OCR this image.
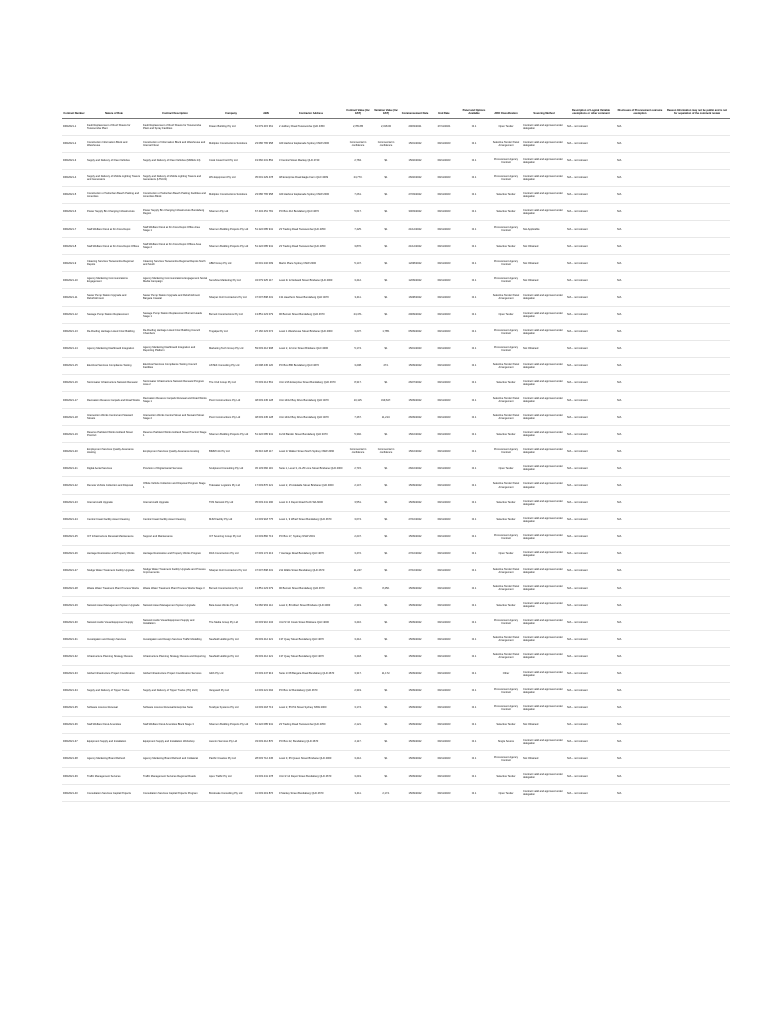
Contract Number	Nature of Role	Contract Description	Company	ABN	Contractor Address	Contract Value (Inc GST)	Variation Value (Inc GST)	Commencement Date	End Date	Panel and Options Available	ARO Classification	Sourcing Method	Description of Logical Variable exemptions or other comment	Disclosure of Procurement outcome exemption	Reason Information may not be public and is not for separation of the comment review
DPA2021-1	Fault Replacement of Roof Sheets for Toowoomba Plant	Fault Replacement of Roof Sheets for Toowoomba Plant and Spray Facilities	Dream Building Pty Ltd	51 079 415 361	2 Jedbury Road Toowoomba QLD 4350	2,784.85	2,318.00	29/03/2021	27/11/2021	Cl.1	Open Tender	Contract valid and approved under delegation	N/A – not relevant	N/A	
DPA2021-2	Construction Information Block and Warehouse	Construction of Information Block and Warehouse and Internal Fitout	Multiplex Constructions Solutions	23 086 765 958	420 Harbour Esplanade Sydney NSW 2000	Commercial in confidence	Commercial in confidence	15/01/2022	09/11/2023	Cl.1	Selective Tender Panel Arrangement	Contract valid and approved under delegation	N/A – not relevant	N/A	
DPA2021-3	Supply and Delivery of Fleet Vehicles	Supply and Delivery of Fleet Vehicles (MR/EG 24)	Coral Coast Ford Pty Ltd	19 660 231 852	3 Central Street Mackay QLD 4740	2,784.	$1	15/02/2022	09/11/2023	Cl.1	Procurement Agency Contract	Contract valid and approved under delegation	N/A – not relevant	N/A	
DPA2021-4	Supply and Delivery of Mobile Lighting Towers and Generators	Supply and Delivery of Mobile Lighting Towers and Generators (LTM-01)	WG Equipment Pty Ltd	35 001 229 478	48 Enterprise Road Eagle Farm QLD 4009	24,773.	$1	26/02/2022	09/11/2023	Cl.1	Procurement Agency Contract	Contract valid and approved under delegation	N/A – not relevant	N/A	
DPA2021-5	Construction of Suburban Beach Parking and Amenities	Construction of Suburban Beach Parking Facilities and Amenities Block	Multiplex Constructions Solutions	23 086 765 958	420 Harbour Esplanade Sydney NSW 2000	7,261.	$1	27/03/2022	09/11/2023	Cl.1	Selective Tender	Contract valid and approved under delegation	N/A – not relevant	N/A	
DPA2021-6	Power Supply Bin Charging Infrastructure	Power Supply Bin Charging Infrastructure Bundaberg Region	Shannon Pty Ltd	67 434 451 781	PO Box 412 Bundaberg QLD 4670	5,617.	$1	30/03/2022	09/11/2023	Cl.1	Selective Tender	Contract valid and approved under delegation	N/A – not relevant	N/A	
DPA2021-7	Staff Welfare Fitout at Kin Kora Depot	Staff Welfare Fitout at Kin Kora Depot Office Area Stage 1	Shannon Building Projects Pty Ltd	51 222 085 941	23 Trading Road Toowoomba QLD 4350	7,425.	$1	21/12/2022	09/11/2023	Cl.1	Procurement Agency Contract	Not Applicable	N/A – not relevant	N/A	
DPA2021-8	Staff Welfare Fitout at Kin Kora Depot Offices	Staff Welfare Fitout at Kin Kora Depot Offices Area Stage 2	Shannon Building Projects Pty Ltd	51 222 085 941	23 Trading Road Toowoomba QLD 4350	3,876.	$1	21/12/2022	09/11/2023	Cl.1	Selective Tender	Not Obtained	N/A – not relevant	N/A	
DPA2021-9	Cleaning Services Toowoomba Regional Depots	Cleaning Services Toowoomba Regional Depots North and South	ABM Group Pty Ltd	32 001 232 009	Martin Place Sydney NSW 2000	5,147.	$1	12/08/2022	09/11/2023	Cl.1	Procurement Agency Contract	Not Obtained	N/A – not relevant	N/A	
DPA2021-10	Agency Marketing Communications Engagement	Agency Marketing Communications Engagement Social Media Campaign	Sunshine Marketing Pty Ltd	34 079 325 117	Level 4/ 12 Edward Street Brisbane QLD 4000	3,412.	$1	12/09/2022	09/11/2023	Cl.1	Procurement Agency Contract	Not Obtained	N/A – not relevant	N/A	
DPA2021-11	Sewer Pump Station Upgrade and Refurbishment	Sewer Pump Station Upgrade and Refurbishment Bargara Coastal	Sharpet Civil Contractors Pty Ltd	47 007 898 431	131 Hawthorn Street Bundaberg QLD 4670	3,411.	$1	16/08/2022	09/11/2023	Cl.1	Selective Tender Panel Arrangement	Contract valid and approved under delegation	N/A – not relevant	N/A	
DPA2021-12	Sewage Pump Station Replacement	Sewage Pump Station Replacement Burnett Heads Stage 1	Burnett Constructions Pty Ltd	13 851 223 079	96 Burnett Street Bundaberg QLD 4670	24,471.	$1	29/09/2022	09/11/2023	Cl.1	Open Tender	Contract valid and approved under delegation	N/A – not relevant	N/A	
DPA2021-13	Re-Roofing Heritage Listed Civic Building	Re-Roofing Heritage Listed Civic Building Council Chambers	Tingalpa Pty Ltd	27 160 223 074	Level 1 Warehouse Street Brisbane QLD 4000	3,237.	1,785.	05/09/2022	09/11/2023	Cl.1	Procurement Agency Contract	Contract valid and approved under delegation	N/A – not relevant	N/A	
DPA2021-14	Agency Marketing Dashboard Integration	Agency Marketing Dashboard Integration and Reporting Platform	Marketing Tech Group Pty Ltd	59 003 412 908	Level 2, 12 Ann Street Brisbane QLD 4000	5,174.	$1	15/01/2023	09/11/2023	Cl.1	Procurement Agency Contract	Not Obtained	N/A – not relevant	N/A	
DPA2021-15	Electrical Services Compliance Testing	Electrical Services Compliance Testing Council Facilities	ASTEK Consulting Pty Ltd	22 098 445 120	PO Box 880 Bundaberg QLD 4670	3,208.	274.	15/09/2022	09/11/2023	Cl.1	Selective Tender Panel Arrangement	Contract valid and approved under delegation	N/A – not relevant	N/A	
DPA2021-16	Stormwater Infrastructure Network Renewal	Stormwater Infrastructure Network Renewal Program Area 2	The Civil Group Pty Ltd	76 003 214 561	Unit 1/16 Enterprise Street Bundaberg QLD 4670	8,317.	$1	26/07/2022	09/11/2023	Cl.1	Selective Tender	Contract valid and approved under delegation	N/A – not relevant	N/A	
DPA2021-17	Recreation Reserve Carpark and Road Works	Recreation Reserve Carpark Renewal and Road Works Stage 1	Pivot Constructions Pty Ltd	48 003 445 128	Unit 14/12 Bay Drive Bundaberg QLD 4670	10,115.	319,647.	15/09/2022	09/11/2023	Cl.1	Selective Tender Panel Arrangement	Contract valid and approved under delegation	N/A – not relevant	N/A	
DPA2021-18	Intersection Works Central and Steward Streets	Intersection Works Central Street and Steward Street Stage 2	Pivot Constructions Pty Ltd	48 003 445 128	Unit 14/12 Bay Drive Bundaberg QLD 4670	7,467.	11,213.	26/09/2022	09/11/2023	Cl.1	Selective Tender Panel Arrangement	Contract valid and approved under delegation	N/A – not relevant	N/A	
DPA2021-19	Reserve Parkland Works Holland Street Precinct	Reserve Parkland Works Holland Street Precinct Stage 1	Shannon Building Projects Pty Ltd	51 222 085 941	11/13 Barolin Street Bundaberg QLD 4670	5,392.	$1	15/10/2022	09/11/2023	Cl.1	Selective Tender	Contract valid and approved under delegation	N/A – not relevant	N/A	
DPA2021-20	Employment Services Quality Assurance Hosting	Employment Services Quality Assurance Hosting	BIMM Info Pty Ltd	39 616 228 117	Level 1/ Walker Street North Sydney NSW 2060	Commercial in confidence	Commercial in confidence	15/10/2022	09/11/2023	Cl.1	Procurement Agency Contract	Contract valid and approved under delegation	N/A – not relevant	N/A	
DPA2021-21	Digital Aerial Services	Provision of Digital Aerial Services	Sculptured Consulting Pty Ltd	45 133 682 119	Suite 1, Level 3, 21-25 Lime Street Brisbane QLD 4000	2,715.	$1	26/10/2022	09/11/2023	Cl.1	Open Tender	Contract valid and approved under delegation	N/A – not relevant	N/A	
DPA2021-22	Remote Vehicle Collection and Disposal	Offsite Vehicle Collection and Disposal Program Stage 1	Tidewater Logistics Pty Ltd	17 003 876 221	Level 2, 15 Adelaide Street Brisbane QLD 4000	2,147.	$1	15/09/2022	09/11/2023	Cl.1	Selective Tender Panel Arrangement	Contract valid and approved under delegation	N/A – not relevant	N/A	
DPA2021-23	Internal Audit Upgrade	Internal Audit Upgrade	TDS Network Pty Ltd	35 003 441 290	Level 1/ 4 Depot Road Perth WA 6000	3,551.	$1	15/09/2022	09/11/2023	Cl.1	Selective Tender	Contract valid and approved under delegation	N/A – not relevant	N/A	
DPA2021-24	Central Coast Facility Asset Cleaning	Central Coast Facility Asset Cleaning	MJM Facility Pty Ltd	12 003 918 775	Level 1, 9 Wharf Street Bundaberg QLD 4670	3,074.	$1	27/10/2022	09/11/2023	Cl.1	Selective Tender	Contract valid and approved under delegation	N/A – not relevant	N/A	
DPA2021-25	ICT Infrastructure Renewal Maintenance	Support and Maintenance	ICT Sourcing Group Pty Ltd	16 003 882 713	PO Box 17, Sydney NSW 2001	2,247.	$1	15/09/2022	09/11/2023	Cl.1	Procurement Agency Contract	Contract valid and approved under delegation	N/A – not relevant	N/A	
DPA2021-26	Heritage Restoration and Property Works	Heritage Restoration and Property Works Program	RAS Construction Pty Ltd	47 003 174 213	7 Heritage Road Bundaberg QLD 4670	3,472.	$1	27/10/2022	09/11/2023	Cl.1	Open Tender	Contract valid and approved under delegation	N/A – not relevant	N/A	
DPA2021-27	Sludge Water Treatment Facility Upgrade	Sludge Water Treatment Facility Upgrade and Process Improvements	Sharpet Civil Contractors Pty Ltd	47 007 898 431	211 Wallis Street Bundaberg QLD 4670	11,247.	$1	27/10/2022	09/11/2023	Cl.1	Selective Tender Panel Arrangement	Contract valid and approved under delegation	N/A – not relevant	N/A	
DPA2021-28	Waste Water Treatment Plant Process Works	Waste Water Treatment Plant Process Works Stage 3	Burnett Constructions Pty Ltd	13 851 223 079	96 Burnett Street Bundaberg QLD 4670	21,179.	8,450.	15/09/2022	09/11/2023	Cl.1	Selective Tender Panel Arrangement	Contract valid and approved under delegation	N/A – not relevant	N/A	
DPA2021-29	Network Asset Management System Upgrade	Network Asset Management System Upgrade	Beta Asset Works Pty Ltd	51 082 963 114	Level 3, 80 Albert Street Brisbane QLD 4000	2,319.	$1	15/09/2022	09/11/2023	Cl.1	Selective Tender	Contract valid and approved under delegation	N/A – not relevant	N/A	
DPA2021-30	Network Audio Visual Equipment Supply	Network Audio Visual Equipment Supply and Installation	The Media Group Pty Ltd	32 003 910 234	Unit 5/ 10 Creek Street Brisbane QLD 4000	3,416.	$1	15/09/2022	09/11/2023	Cl.1	Procurement Agency Contract	Contract valid and approved under delegation	N/A – not relevant	N/A	
DPA2021-31	Investigation and Design Services	Investigation and Design Services Traffic Modelling	Newfield Holdings Pty Ltd	39 003 412 221	137 Quay Street Bundaberg QLD 4670	3,412.	$1	15/09/2022	09/11/2023	Cl.1	Selective Tender Panel Arrangement	Contract valid and approved under delegation	N/A – not relevant	N/A	
DPA2021-32	Infrastructure Planning Strategy Review	Infrastructure Planning Strategy Review and Reporting	Newfield Holdings Pty Ltd	39 003 412 221	137 Quay Street Bundaberg QLD 4670	3,418.	$1	15/09/2022	09/11/2023	Cl.1	Selective Tender Panel Arrangement	Contract valid and approved under delegation	N/A – not relevant	N/A	
DPA2021-33	Global Infrastructure Project Coordination	Global Infrastructure Project Coordination Services	Gibb Pty Ltd	15 003 447 913	Suite 1/ 68 Bargara Road Bundaberg QLD 4670	3,317.	11,172.	15/09/2022	09/11/2023	Cl.1	Other	Contract valid and approved under delegation	N/A – not relevant	N/A	
DPA2021-34	Supply and Delivery of Tipper Trucks	Supply and Delivery of Tipper Trucks (ITQ 2/22)	Vanguard Pty Ltd	12 003 221 094	PO Box 12 Bundaberg QLD 4670	2,319.	$1	15/09/2022	09/11/2023	Cl.1	Procurement Agency Contract	Contract valid and approved under delegation	N/A – not relevant	N/A	
DPA2021-35	Software Licence Renewal	Software Licence Renewal Enterprise Suite	Terabyte Systems Pty Ltd	44 003 218 713	Level 2, 55 Pitt Street Sydney NSW 2000	3,174.	$1	15/09/2022	09/11/2023	Cl.1	Procurement Agency Contract	Contract valid and approved under delegation	N/A – not relevant	N/A	
DPA2021-36	Staff Welfare Fitout Amenities	Staff Welfare Fitout Amenities Block Stage 3	Shannon Building Projects Pty Ltd	51 222 085 941	23 Trading Road Toowoomba QLD 4350	2,121.	$1	15/09/2022	09/11/2023	Cl.1	Selective Tender	Not Obtained	N/A – not relevant	N/A	
DPA2021-37	Equipment Supply and Installation	Equipment Supply and Installation Workshop	Ausmin Services Pty Ltd	33 003 412 870	PO Box 22, Bundaberg QLD 4670	2,117.	$1	15/09/2022	09/11/2023	Cl.1	Single Source	Contract valid and approved under delegation	N/A – not relevant	N/A	
DPA2021-38	Agency Marketing Brand Refresh	Agency Marketing Brand Refresh and Collateral	Pacific Creative Pty Ltd	28 003 712 445	Level 3, 65 Queen Street Brisbane QLD 4000	3,412.	$1	15/09/2022	09/11/2023	Cl.1	Procurement Agency Contract	Not Obtained	N/A – not relevant	N/A	
DPA2021-39	Traffic Management Services	Traffic Management Services Regional Roads	Apex Traffic Pty Ltd	19 003 441 278	Unit 3/ 14 Depot Street Bundaberg QLD 4670	3,219.	$1	15/09/2022	09/11/2023	Cl.1	Selective Tender	Contract valid and approved under delegation	N/A – not relevant	N/A	
DPA2021-40	Consultation Services Capital Projects	Consultation Services Capital Projects Program	Brookvale Consulting Pty Ltd	41 003 219 876	9 Stanley Street Bundaberg QLD 4670	3,411.	2,174.	15/09/2022	09/11/2023	Cl.1	Open Tender	Contract valid and approved under delegation	N/A – not relevant	N/A	
